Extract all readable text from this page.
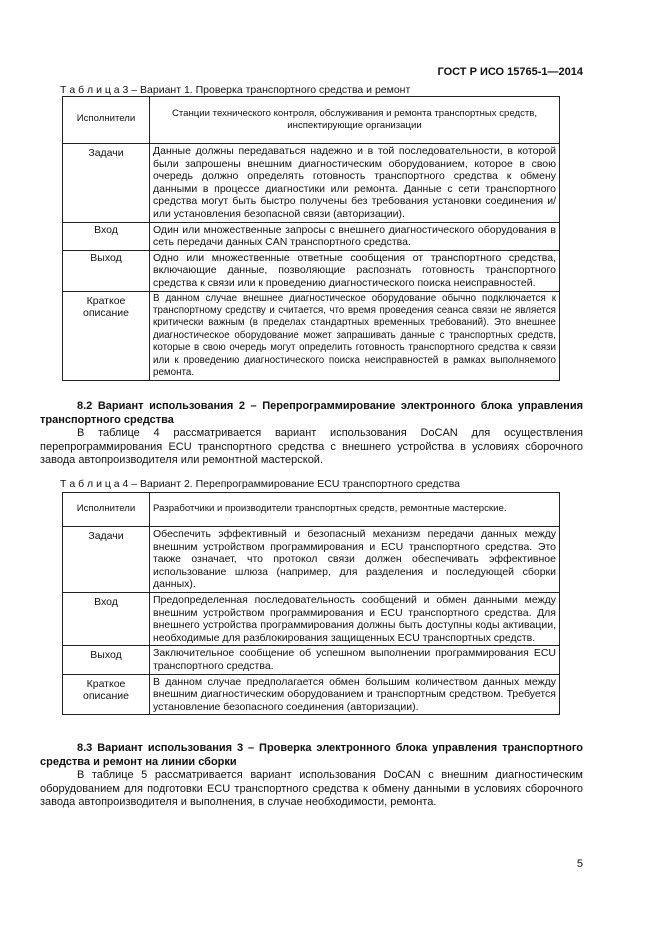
ГОСТ Р ИСО 15765-1—2014
Т а б л и ц а 3 – Вариант 1. Проверка транспортного средства и ремонт
Исполнители	Станции технического контроля, обслуживания и ремонта транспортных средств, инспектирующие организации
Задачи	Данные должны передаваться надежно и в той последовательности, в которой были запрошены внешним диагностическим оборудованием, которое в свою очередь должно определять готовность транспортного средства к обмену данными в процессе диагностики или ремонта. Данные с сети транспортного средства могут быть быстро получены без требования установки соединения и/или установления безопасной связи (авторизации).
Вход	Один или множественные запросы с внешнего диагностического оборудования в сеть передачи данных CAN транспортного средства.
Выход	Одно или множественные ответные сообщения от транспортного средства, включающие данные, позволяющие распознать готовность транспортного средства к связи или к проведению диагностического поиска неисправностей.
Краткое описание	В данном случае внешнее диагностическое оборудование обычно подключается к транспортному средству и считается, что время проведения сеанса связи не является критически важным (в пределах стандартных временных требований). Это внешнее диагностическое оборудование может запрашивать данные с транспортных средств, которые в свою очередь могут определить готовность транспортного средства к связи или к проведению диагностического поиска неисправностей в рамках выполняемого ремонта.

8.2 Вариант использования 2 – Перепрограммирование электронного блока управления транспортного средства

В таблице 4 рассматривается вариант использования DoCAN для осуществления перепрограммирования ECU транспортного средства с внешнего устройства в условиях сборочного завода автопроизводителя или ремонтной мастерской.

Т а б л и ц а 4 – Вариант 2. Перепрограммирование ECU транспортного средства
Исполнители	Разработчики и производители транспортных средств, ремонтные мастерские.
Задачи	Обеспечить эффективный и безопасный механизм передачи данных между внешним устройством программирования и ECU транспортного средства. Это также означает, что протокол связи должен обеспечивать эффективное использование шлюза (например, для разделения и последующей сборки данных).
Вход	Предопределенная последовательность сообщений и обмен данными между внешним устройством программирования и ECU транспортного средства. Для внешнего устройства программирования должны быть доступны коды активации, необходимые для разблокирования защищенных ECU транспортных средств.
Выход	Заключительное сообщение об успешном выполнении программирования ECU транспортного средства.
Краткое описание	В данном случае предполагается обмен большим количеством данных между внешним диагностическим оборудованием и транспортным средством. Требуется установление безопасного соединения (авторизации).

8.3 Вариант использования 3 – Проверка электронного блока управления транспортного средства и ремонт на линии сборки

В таблице 5 рассматривается вариант использования DoCAN с внешним диагностическим оборудованием для подготовки ECU транспортного средства к обмену данными в условиях сборочного завода автопроизводителя и выполнения, в случае необходимости, ремонта.

5
